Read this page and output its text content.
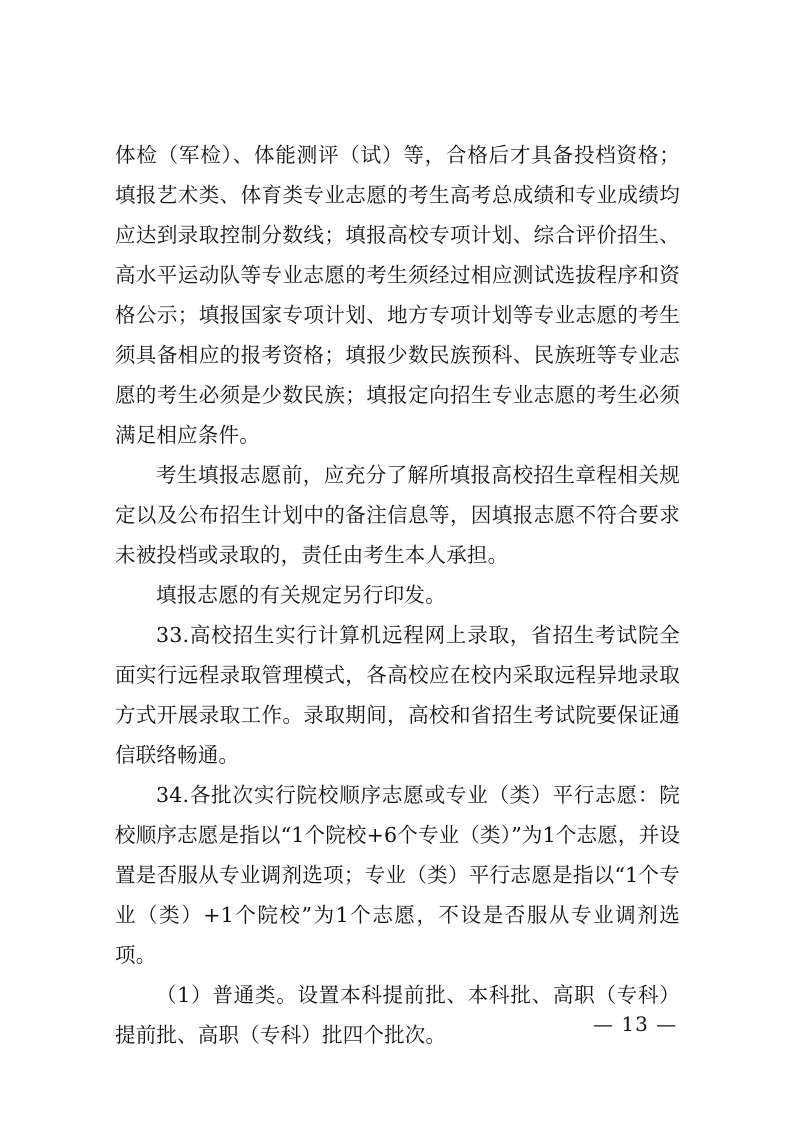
体检（军检）、体能测评（试）等，合格后才具备投档资格；填报艺术类、体育类专业志愿的考生高考总成绩和专业成绩均应达到录取控制分数线；填报高校专项计划、综合评价招生、高水平运动队等专业志愿的考生须经过相应测试选拔程序和资格公示；填报国家专项计划、地方专项计划等专业志愿的考生须具备相应的报考资格；填报少数民族预科、民族班等专业志愿的考生必须是少数民族；填报定向招生专业志愿的考生必须满足相应条件。

考生填报志愿前，应充分了解所填报高校招生章程相关规定以及公布招生计划中的备注信息等，因填报志愿不符合要求未被投档或录取的，责任由考生本人承担。

填报志愿的有关规定另行印发。

33.高校招生实行计算机远程网上录取，省招生考试院全面实行远程录取管理模式，各高校应在校内采取远程异地录取方式开展录取工作。录取期间，高校和省招生考试院要保证通信联络畅通。

34.各批次实行院校顺序志愿或专业（类）平行志愿：院校顺序志愿是指以“1个院校+6个专业（类）”为1个志愿，并设置是否服从专业调剂选项；专业（类）平行志愿是指以“1个专业（类）+1个院校”为1个志愿，不设是否服从专业调剂选项。

（1）普通类。设置本科提前批、本科批、高职（专科）提前批、高职（专科）批四个批次。	— 13 —
